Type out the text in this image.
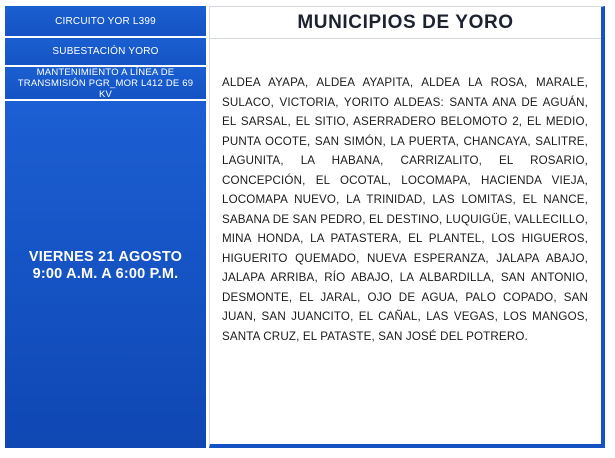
CIRCUITO YOR L399
SUBESTACIÓN YORO
MANTENIMIENTO A LÍNEA DE TRANSMISIÓN PGR_MOR L412 DE 69 KV
VIERNES 21 AGOSTO
9:00 A.M. A 6:00 P.M.
MUNICIPIOS DE YORO
ALDEA AYAPA, ALDEA AYAPITA, ALDEA LA ROSA, MARALE, SULACO, VICTORIA, YORITO ALDEAS: SANTA ANA DE AGUÁN, EL SARSAL, EL SITIO, ASERRADERO BELOMOTO 2, EL MEDIO, PUNTA OCOTE, SAN SIMÓN, LA PUERTA, CHANCAYA, SALITRE, LAGUNITA, LA HABANA, CARRIZALITO, EL ROSARIO, CONCEPCIÓN, EL OCOTAL, LOCOMAPA, HACIENDA VIEJA, LOCOMAPA NUEVO, LA TRINIDAD, LAS LOMITAS, EL NANCE, SABANA DE SAN PEDRO, EL DESTINO, LUQUIGÜE, VALLECILLO, MINA HONDA, LA PATASTERA, EL PLANTEL, LOS HIGUEROS, HIGUERITO QUEMADO, NUEVA ESPERANZA, JALAPA ABAJO, JALAPA ARRIBA, RÍO ABAJO, LA ALBARDILLA, SAN ANTONIO, DESMONTE, EL JARAL, OJO DE AGUA, PALO COPADO, SAN JUAN, SAN JUANCITO, EL CAÑAL, LAS VEGAS, LOS MANGOS, SANTA CRUZ, EL PATASTE, SAN JOSÉ DEL POTRERO.
